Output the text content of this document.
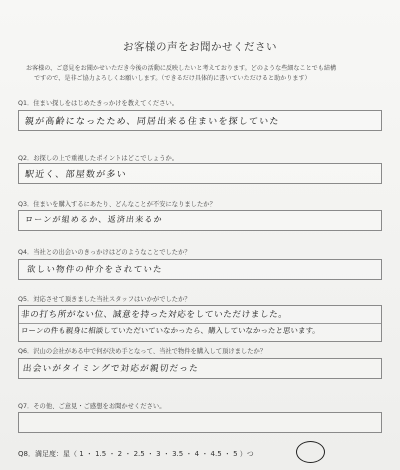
お客様の声をお聞かせください

お客様の、ご意見をお聞かせいただき今後の活動に反映したいと考えております。どのような些細なことでも結構

ですので、是非ご協力よろしくお願いします。（できるだけ具体的に書いていただけると助かります）

Q1．住まい探しをはじめたきっかけを教えてください。
親が高齢になったため、同居出来る住まいを探していた
Q2．お探しの上で重視したポイントはどこでしょうか。
駅近く、部屋数が多い
Q3．住まいを購入するにあたり、どんなことが不安になりましたか？
ローンが組めるか、返済出来るか
Q4．当社との出会いのきっかけはどのようなことでしたか？
欲しい物件の仲介をされていた
Q5．対応させて頂きました当社スタッフはいかがでしたか？
非の打ち所がない位、誠意を持った対応をしていただけました。
ローンの件も親身に相談していただいていなかったら、購入していなかったと思います。
Q6．沢山の会社がある中で何が決め手となって、当社で物件を購入して頂けましたか？
出会いがタイミングで対応が親切だった
Q7．その他、ご意見・ご感想をお聞かせください。
Q8．満足度：星（ 1 ・ 1.5 ・ 2 ・ 2.5 ・ 3 ・ 3.5 ・ 4 ・ 4.5 ・ 5 ）つ
